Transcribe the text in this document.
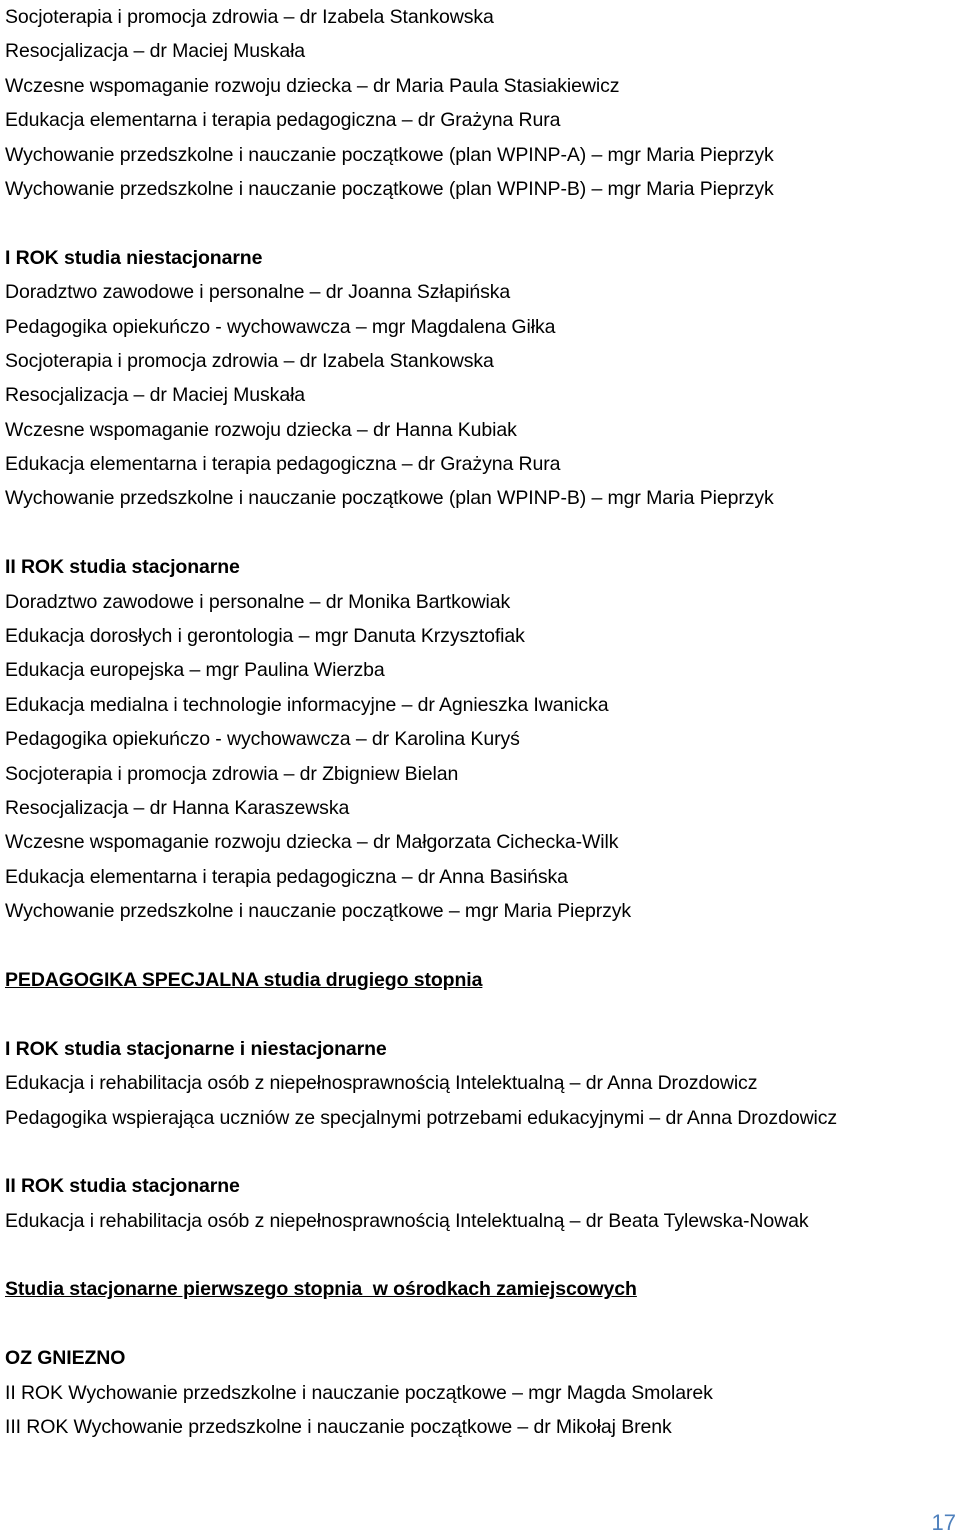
Socjoterapia i promocja zdrowia – dr Izabela Stankowska
Resocjalizacja – dr Maciej Muskała
Wczesne wspomaganie rozwoju dziecka – dr Maria Paula Stasiakiewicz
Edukacja elementarna i terapia pedagogiczna – dr Grażyna Rura
Wychowanie przedszkolne i nauczanie początkowe (plan WPINP-A) – mgr Maria Pieprzyk
Wychowanie przedszkolne i nauczanie początkowe (plan WPINP-B) – mgr Maria Pieprzyk
I ROK studia niestacjonarne
Doradztwo zawodowe i personalne – dr Joanna Szłapińska
Pedagogika opiekuńczo - wychowawcza – mgr Magdalena Giłka
Socjoterapia i promocja zdrowia – dr Izabela Stankowska
Resocjalizacja – dr Maciej Muskała
Wczesne wspomaganie rozwoju dziecka – dr Hanna Kubiak
Edukacja elementarna i terapia pedagogiczna – dr Grażyna Rura
Wychowanie przedszkolne i nauczanie początkowe (plan WPINP-B) – mgr Maria Pieprzyk
II ROK studia stacjonarne
Doradztwo zawodowe i personalne – dr Monika Bartkowiak
Edukacja dorosłych i gerontologia – mgr Danuta Krzysztofiak
Edukacja europejska – mgr Paulina Wierzba
Edukacja medialna i technologie informacyjne – dr Agnieszka Iwanicka
Pedagogika opiekuńczo - wychowawcza – dr Karolina Kuryś
Socjoterapia i promocja zdrowia – dr Zbigniew Bielan
Resocjalizacja – dr Hanna Karaszewska
Wczesne wspomaganie rozwoju dziecka – dr Małgorzata Cichecka-Wilk
Edukacja elementarna i terapia pedagogiczna – dr Anna Basińska
Wychowanie przedszkolne i nauczanie początkowe – mgr Maria Pieprzyk
PEDAGOGIKA SPECJALNA studia drugiego stopnia
I ROK studia stacjonarne i niestacjonarne
Edukacja i rehabilitacja osób z niepełnosprawnością Intelektualną – dr Anna Drozdowicz
Pedagogika wspierająca uczniów ze specjalnymi potrzebami edukacyjnymi – dr Anna Drozdowicz
II ROK studia stacjonarne
Edukacja i rehabilitacja osób z niepełnosprawnością Intelektualną – dr Beata Tylewska-Nowak
Studia stacjonarne pierwszego stopnia  w ośrodkach zamiejscowych
OZ GNIEZNO
II ROK Wychowanie przedszkolne i nauczanie początkowe – mgr Magda Smolarek
III ROK Wychowanie przedszkolne i nauczanie początkowe – dr Mikołaj Brenk
17
